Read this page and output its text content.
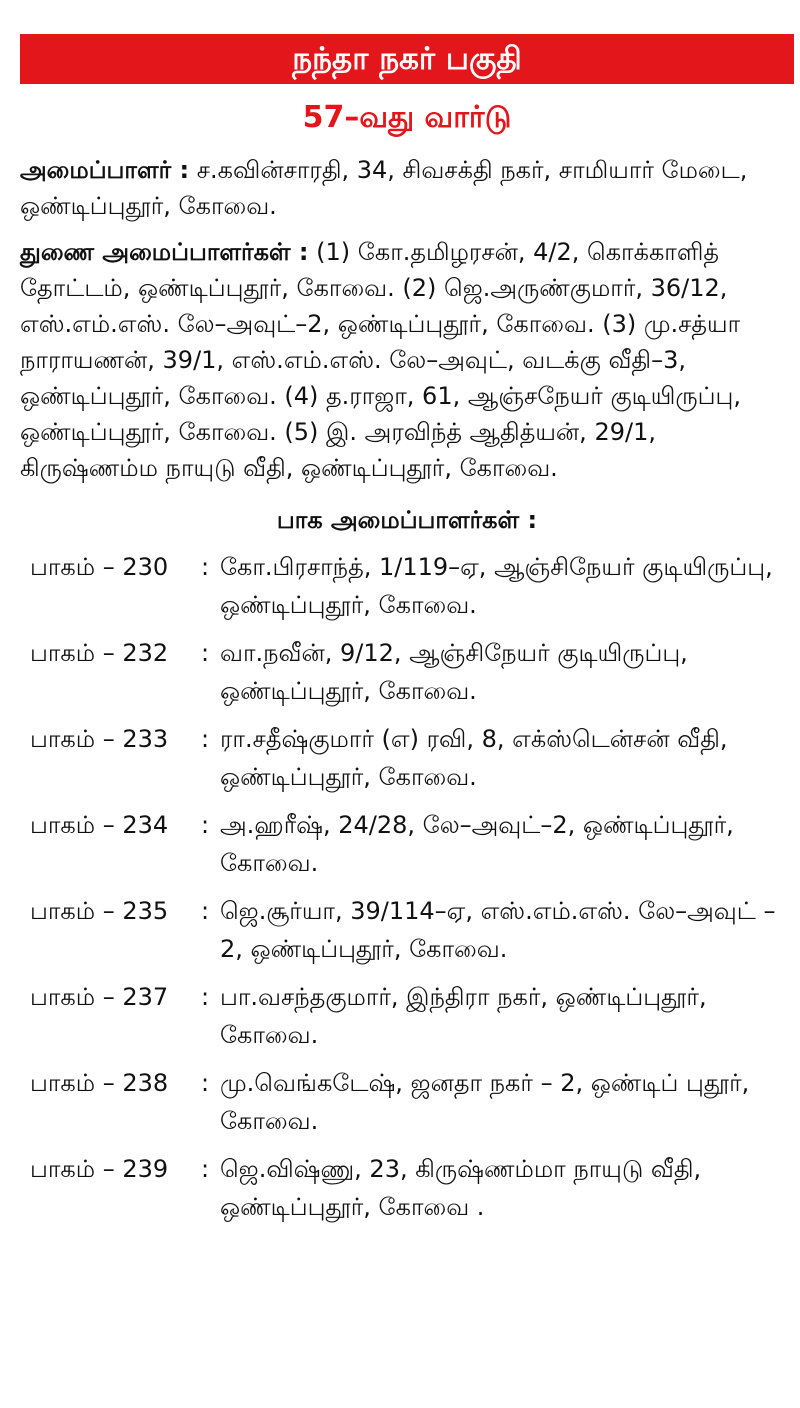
நந்தா நகர் பகுதி
57–வது வார்டு
அமைப்பாளர் : ச.கவின்சாரதி, 34, சிவசக்தி நகர், சாமியார் மேடை, ஒண்டிப்புதூர், கோவை.
துணை அமைப்பாளர்கள் : (1) கோ.தமிழரசன், 4/2, கொக்காளித் தோட்டம், ஒண்டிப்புதூர், கோவை. (2) ஜெ.அருண்குமார், 36/12, எஸ்.எம்.எஸ். லே–அவுட்–2, ஒண்டிப்புதூர், கோவை. (3) மு.சத்யா நாராயணன், 39/1, எஸ்.எம்.எஸ். லே–அவுட், வடக்கு வீதி–3, ஒண்டிப்புதூர், கோவை. (4) த.ராஜா, 61, ஆஞ்சநேயர் குடியிருப்பு, ஒண்டிப்புதூர், கோவை. (5) இ. அரவிந்த் ஆதித்யன், 29/1, கிருஷ்ணம்ம நாயுடு வீதி, ஒண்டிப்புதூர், கோவை.
பாக அமைப்பாளர்கள் :
பாகம் – 230	: கோ.பிரசாந்த், 1/119–ஏ, ஆஞ்சிநேயர் குடியிருப்பு, ஒண்டிப்புதூர், கோவை.
பாகம் – 232	: வா.நவீன், 9/12, ஆஞ்சிநேயர் குடியிருப்பு, ஒண்டிப்புதூர், கோவை.
பாகம் – 233	: ரா.சதீஷ்குமார் (எ) ரவி, 8, எக்ஸ்டென்சன் வீதி, ஒண்டிப்புதூர், கோவை.
பாகம் – 234	: அ.ஹரீஷ், 24/28, லே–அவுட்–2, ஒண்டிப்புதூர், கோவை.
பாகம் – 235	: ஜெ.சூர்யா, 39/114–ஏ, எஸ்.எம்.எஸ். லே–அவுட் – 2, ஒண்டிப்புதூர், கோவை.
பாகம் – 237	: பா.வசந்தகுமார், இந்திரா நகர், ஒண்டிப்புதூர், கோவை.
பாகம் – 238	: மு.வெங்கடேஷ், ஜனதா நகர் – 2, ஒண்டிப் புதூர், கோவை.
பாகம் – 239	: ஜெ.விஷ்ணு, 23, கிருஷ்ணம்மா நாயுடு வீதி, ஒண்டிப்புதூர், கோவை .
